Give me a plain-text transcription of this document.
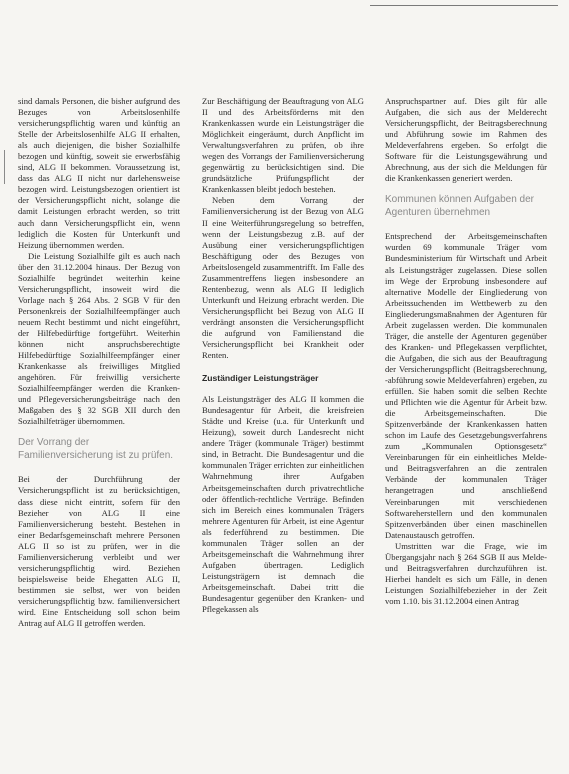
sind damals Personen, die bisher aufgrund des Bezuges von Arbeitslosenhilfe versicherungspflichtig waren und künftig an Stelle der Arbeitslosenhilfe ALG II erhalten, als auch diejenigen, die bisher Sozialhilfe bezogen und künftig, soweit sie erwerbsfähig sind, ALG II bekommen. Voraussetzung ist, dass das ALG II nicht nur darlehensweise bezogen wird. Leistungsbezogen orientiert ist der Versicherungspflicht nicht, solange die damit Leistungen erbracht werden, so tritt auch dann Versicherungspflicht ein, wenn lediglich die Kosten für Unterkunft und Heizung übernommen werden.

Die Leistung Sozialhilfe gilt es auch nach über den 31.12.2004 hinaus. Der Bezug von Sozialhilfe begründet weiterhin keine Versicherungspflicht, insoweit wird die Vorlage nach § 264 Abs. 2 SGB V für den Personenkreis der Sozialhilfeempfänger auch neuem Recht bestimmt und nicht eingeführt, der Hilfebedürftige fortgeführt. Weiterhin können nicht anspruchsberechtigte Hilfebedürftige Sozialhilfeempfänger einer Krankenkasse als freiwilliges Mitglied angehören. Für freiwillig versicherte Sozialhilfeempfänger werden die Kranken- und Pflegeversicherungsbeiträge nach den Maßgaben des § 32 SGB XII durch den Sozialhilfeträger übernommen.

Der Vorrang der Familienversicherung ist zu prüfen.

Bei der Durchführung der Versicherungspflicht ist zu berücksichtigen, dass diese nicht eintritt, sofern für den Bezieher von ALG II eine Familienversicherung besteht. Bestehen in einer Bedarfsgemeinschaft mehrere Personen ALG II so ist zu prüfen, wer in die Familienversicherung verbleibt und wer versicherungspflichtig wird. Beziehen beispielsweise beide Ehegatten ALG II, bestimmen sie selbst, wer von beiden versicherungspflichtig bzw. familienversichert wird. Eine Entscheidung soll schon beim Antrag auf ALG II getroffen werden.

Zur Beschäftigung der Beauftragung von ALG II und des Arbeitsförderns mit den Krankenkassen wurde ein Leistungsträger die Möglichkeit eingeräumt, durch Anpflicht im Verwaltungsverfahren zu prüfen, ob ihre wegen des Vorrangs der Familienversicherung gegenwärtig zu berücksichtigen sind. Die grundsätzliche Prüfungspflicht der Krankenkassen bleibt jedoch bestehen.

Neben dem Vorrang der Familienversicherung ist der Bezug von ALG II eine Weiterführungsregelung so betreffen, wenn der Leistungsbezug z.B. auf der Ausübung einer versicherungspflichtigen Beschäftigung oder des Bezuges von Arbeitslosengeld zusammentrifft. Im Falle des Zusammentreffens liegen insbesondere an Rentenbezug, wenn als ALG II lediglich Unterkunft und Heizung erbracht werden. Die Versicherungspflicht bei Bezug von ALG II verdrängt ansonsten die Versicherungspflicht die aufgrund von Familienstand die Versicherungspflicht bei Krankheit oder Renten.

Zuständiger Leistungsträger

Als Leistungsträger des ALG II kommen die Bundesagentur für Arbeit, die kreisfreien Städte und Kreise (u.a. für Unterkunft und Heizung), soweit durch Landesrecht nicht andere Träger (kommunale Träger) bestimmt sind, in Betracht. Die Bundesagentur und die kommunalen Träger errichten zur einheitlichen Wahrnehmung ihrer Aufgaben Arbeitsgemeinschaften durch privatrechtliche oder öffentlich-rechtliche Verträge. Befinden sich im Bereich eines kommunalen Trägers mehrere Agenturen für Arbeit, ist eine Agentur als federführend zu bestimmen. Die kommunalen Träger sollen an der Arbeitsgemeinschaft die Wahrnehmung ihrer Aufgaben übertragen. Lediglich Leistungsträgern ist demnach die Arbeitsgemeinschaft. Dabei tritt die Bundesagentur gegenüber den Kranken- und Pflegekassen als

Anspruchspartner auf. Dies gilt für alle Aufgaben, die sich aus der Melderecht Versicherungspflicht, der Beitragsberechnung und Abführung sowie im Rahmen des Meldeverfahrens ergeben. So erfolgt die Software für die Leistungsgewährung und Abrechnung, aus der sich die Meldungen für die Krankenkassen generiert werden.

Kommunen können Aufgaben der Agenturen übernehmen

Entsprechend der Arbeitsgemeinschaften wurden 69 kommunale Träger vom Bundesministerium für Wirtschaft und Arbeit als Leistungsträger zugelassen. Diese sollen im Wege der Erprobung insbesondere auf alternative Modelle der Eingliederung von Arbeitssuchenden im Wettbewerb zu den Eingliederungsmaßnahmen der Agenturen für Arbeit zugelassen werden. Die kommunalen Träger, die anstelle der Agenturen gegenüber des Kranken- und Pflegekassen verpflichtet, die Aufgaben, die sich aus der Beauftragung der Versicherungspflicht (Beitragsberechnung, -abführung sowie Meldeverfahren) ergeben, zu erfüllen. Sie haben somit die selben Rechte und Pflichten wie die Agentur für Arbeit bzw. die Arbeitsgemeinschaften. Die Spitzenverbände der Krankenkassen hatten schon im Laufe des Gesetzgebungsverfahrens zum „Kommunalen Optionsgesetz“ Vereinbarungen für ein einheitliches Melde- und Beitragsverfahren an die zentralen Verbände der kommunalen Träger herangetragen und anschließend Vereinbarungen mit verschiedenen Softwareherstellern und den kommunalen Spitzenverbänden über einen maschinellen Datenaustausch getroffen.

Umstritten war die Frage, wie im Übergangsjahr nach § 264 SGB II aus Melde- und Beitragsverfahren durchzuführen ist. Hierbei handelt es sich um Fälle, in denen Leistungen Sozialhilfebezieher in der Zeit vom 1.10. bis 31.12.2004 einen Antrag
